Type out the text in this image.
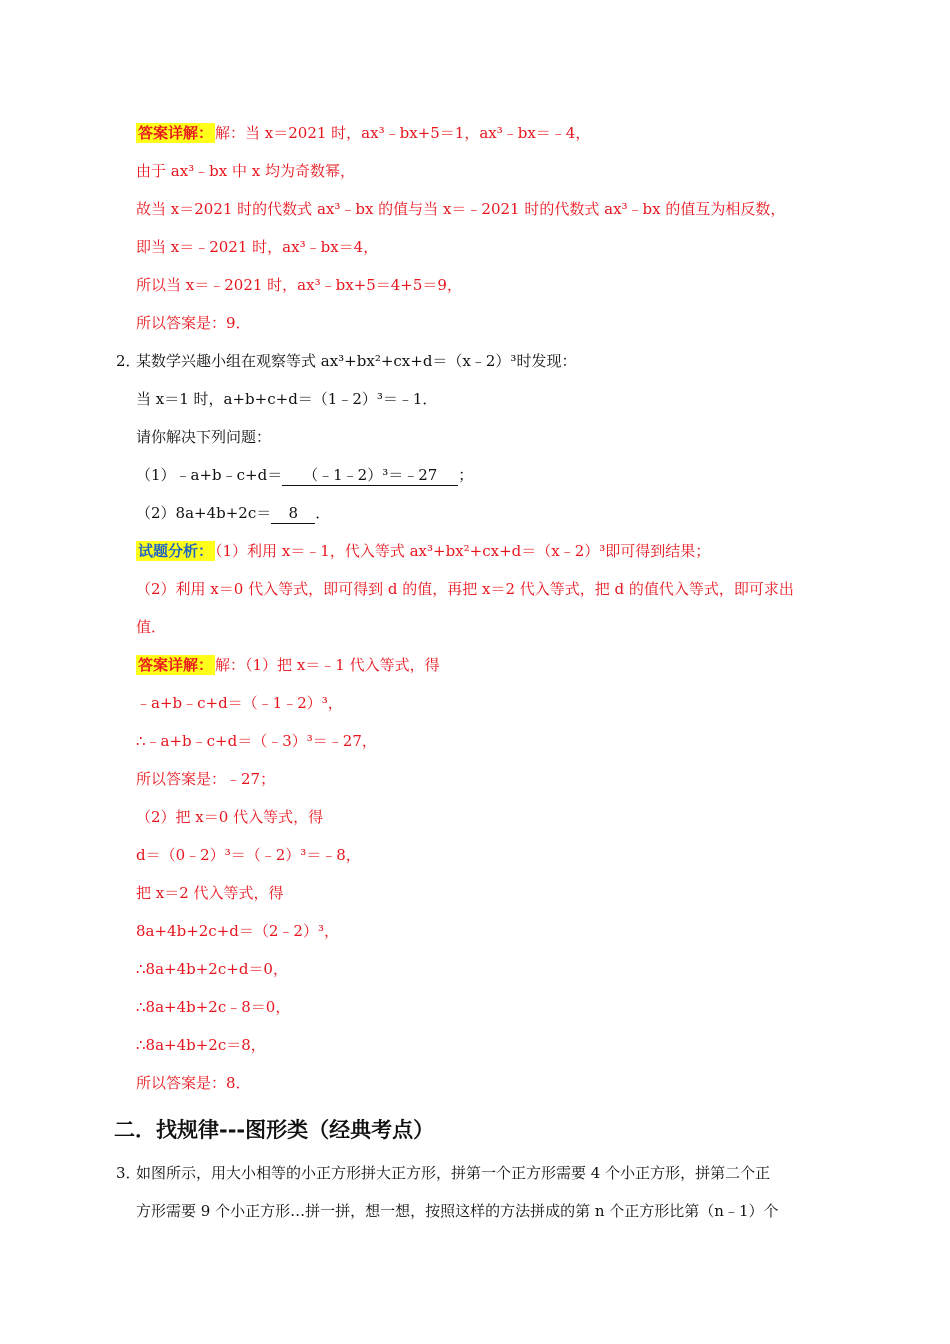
答案详解： 解：当 x＝2021 时，ax³﹣bx+5＝1，ax³﹣bx＝﹣4，
由于 ax³﹣bx 中 x 均为奇数幂，
故当 x＝2021 时的代数式 ax³﹣bx 的值与当 x＝﹣2021 时的代数式 ax³﹣bx 的值互为相反数，
即当 x＝﹣2021 时，ax³﹣bx＝4，
所以当 x＝﹣2021 时，ax³﹣bx+5＝4+5＝9，
所以答案是：9．
2．
某数学兴趣小组在观察等式 ax³+bx²+cx+d＝（x﹣2）³时发现：
当 x＝1 时，a+b+c+d＝（1﹣2）³＝﹣1．
请你解决下列问题：
（1）﹣a+b﹣c+d＝ （﹣1﹣2）³＝﹣27 ；
（2）8a+4b+2c＝ 8 ．
试题分析： （1）利用 x＝﹣1，代入等式 ax³+bx²+cx+d＝（x﹣2）³即可得到结果；
（2）利用 x＝0 代入等式，即可得到 d 的值，再把 x＝2 代入等式，把 d 的值代入等式，即可求出
值．
答案详解： 解：（1）把 x＝﹣1 代入等式，得
﹣a+b﹣c+d＝（﹣1﹣2）³，
∴﹣a+b﹣c+d＝（﹣3）³＝﹣27，
所以答案是：﹣27；
（2）把 x＝0 代入等式，得
d＝（0﹣2）³＝（﹣2）³＝﹣8，
把 x＝2 代入等式，得
8a+4b+2c+d＝（2﹣2）³，
∴8a+4b+2c+d＝0，
∴8a+4b+2c﹣8＝0，
∴8a+4b+2c＝8，
所以答案是：8．
二．找规律---图形类（经典考点）
3．
如图所示，用大小相等的小正方形拼大正方形，拼第一个正方形需要 4 个小正方形，拼第二个正
方形需要 9 个小正方形…拼一拼，想一想，按照这样的方法拼成的第 n 个正方形比第（n﹣1）个
